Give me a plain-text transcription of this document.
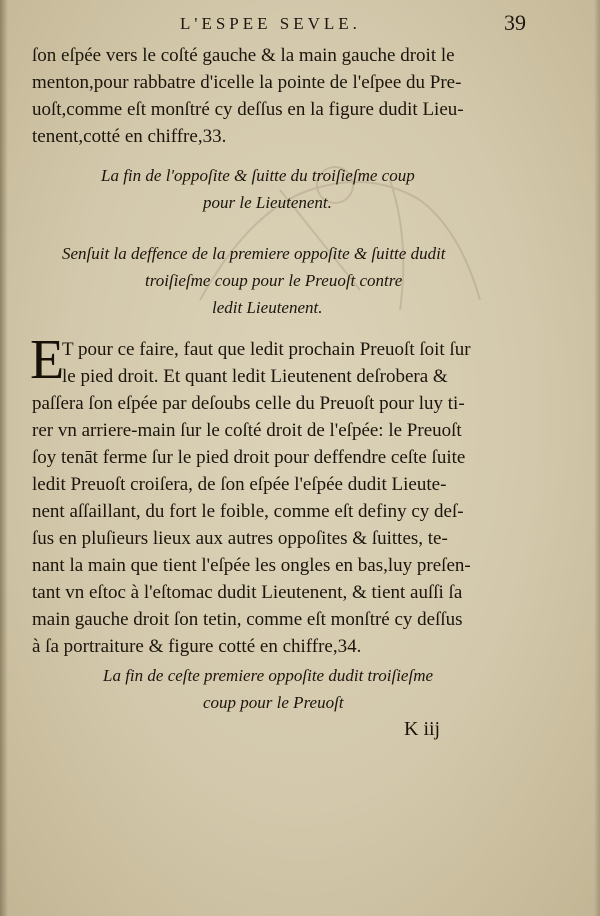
L'ESPEE SEVLE.	39
ſon eſpée vers le coſté gauche & la main gauche droit le
menton,pour rabbatre d'icelle la pointe de l'eſpee du Pre-
uoſt,comme eſt monſtré cy deſſus en la figure dudit Lieu-
tenent,cotté en chiffre,33.
La fin de l'oppoſite & ſuitte du troiſieſme coup
pour le Lieutenent.
Senſuit la deffence de la premiere oppoſite & ſuitte dudit
troiſieſme coup pour le Preuoſt contre
ledit Lieutenent.
E
T pour ce faire, faut que ledit prochain Preuoſt ſoit ſur
le pied droit. Et quant ledit Lieutenent deſrobera &
paſſera ſon eſpée par deſoubs celle du Preuoſt pour luy ti-
rer vn arriere-main ſur le coſté droit de l'eſpée: le Preuoſt
ſoy tenāt ferme ſur le pied droit pour deffendre ceſte ſuite
ledit Preuoſt croiſera, de ſon eſpée l'eſpée dudit Lieute-
nent aſſaillant, du fort le foible, comme eſt definy cy deſ-
ſus en pluſieurs lieux aux autres oppoſites & ſuittes, te-
nant la main que tient l'eſpée les ongles en bas,luy preſen-
tant vn eſtoc à l'eſtomac dudit Lieutenent, & tient auſſi ſa
main gauche droit ſon tetin, comme eſt monſtré cy deſſus
à ſa portraiture & figure cotté en chiffre,34.
La fin de ceſte premiere oppoſite dudit troiſieſme
coup pour le Preuoſt
K iij
